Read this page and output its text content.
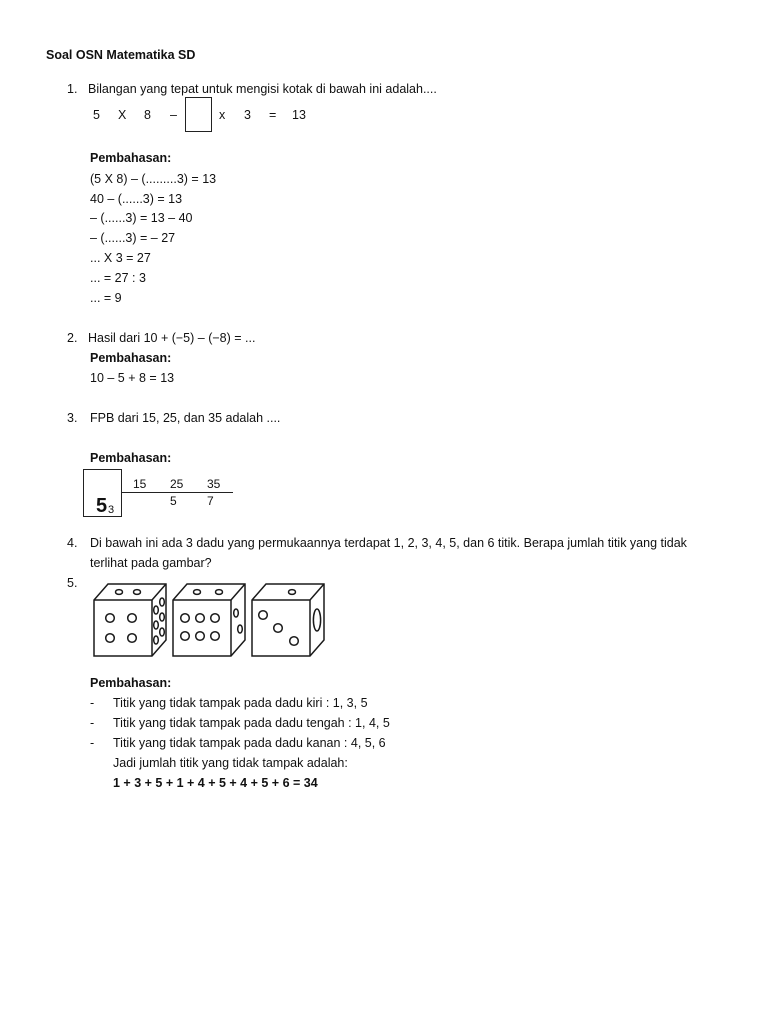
Soal OSN Matematika SD
1. Bilangan yang tepat untuk mengisi kotak di bawah ini adalah....
5 X 8 –	x 3 = 13
Pembahasan:
(5 X 8) – (.........3) = 13
40 – (......3) = 13
– (......3) = 13 – 40
– (......3) = – 27
... X 3 = 27
... = 27 : 3
... = 9
2. Hasil dari 10 + (−5) – (−8) = ...
Pembahasan:
10 – 5 + 8 = 13
3. FPB dari 15, 25, dan 35 adalah ....
Pembahasan:
5 3
15 25 35
5	7
4. Di bawah ini ada 3 dadu yang permukaannya terdapat 1, 2, 3, 4, 5, dan 6 titik. Berapa jumlah titik yang tidak
terlihat pada gambar?
5.
Pembahasan:
- Titik yang tidak tampak pada dadu kiri : 1, 3, 5
- Titik yang tidak tampak pada dadu tengah : 1, 4, 5
- Titik yang tidak tampak pada dadu kanan : 4, 5, 6
Jadi jumlah titik yang tidak tampak adalah:
1 + 3 + 5 + 1 + 4 + 5 + 4 + 5 + 6 = 34
